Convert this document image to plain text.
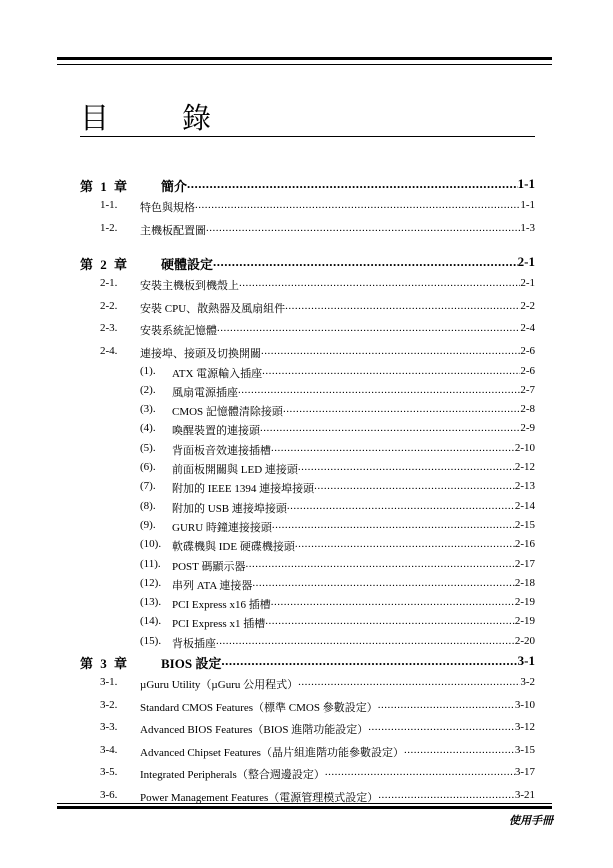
目　錄
第 1 章	簡介 .....	1-1
1-1. 特色與規格 .....	1-1
1-2. 主機板配置圖 .....	1-3
第 2 章	硬體設定 .....	2-1
2-1. 安裝主機板到機殼上 .....	2-1
2-2. 安裝 CPU、散熱器及風扇組件 .....	2-2
2-3. 安裝系統記憶體 .....	2-4
2-4. 連接埠、接頭及切換開關 .....	2-6
(1). ATX 電源輸入插座 .....	2-6
(2). 風扇電源插座 .....	2-7
(3). CMOS 記憶體清除接頭 .....	2-8
(4). 喚醒裝置的連接頭 .....	2-9
(5). 背面板音效連接插槽 .....	2-10
(6). 前面板開關與 LED 連接頭 .....	2-12
(7). 附加的 IEEE 1394 連接埠接頭 .....	2-13
(8). 附加的 USB 連接埠接頭 .....	2-14
(9). GURU 時鐘連接接頭 .....	2-15
(10). 軟碟機與 IDE 硬碟機接頭 .....	2-16
(11). POST 碼顯示器 .....	2-17
(12). 串列 ATA 連接器 .....	2-18
(13). PCI Express x16 插槽 .....	2-19
(14). PCI Express x1 插槽 .....	2-19
(15). 背板插座 .....	2-20
第 3 章	BIOS 設定 .....	3-1
3-1. µGuru Utility（µGuru 公用程式） .....	3-2
3-2. Standard CMOS Features（標準 CMOS 參數設定） .....	3-10
3-3. Advanced BIOS Features（BIOS 進階功能設定） .....	3-12
3-4. Advanced Chipset Features（晶片組進階功能參數設定） .....	3-15
3-5. Integrated Peripherals（整合週邊設定） .....	3-17
3-6. Power Management Features（電源管理模式設定） .....	3-21
使用手冊
